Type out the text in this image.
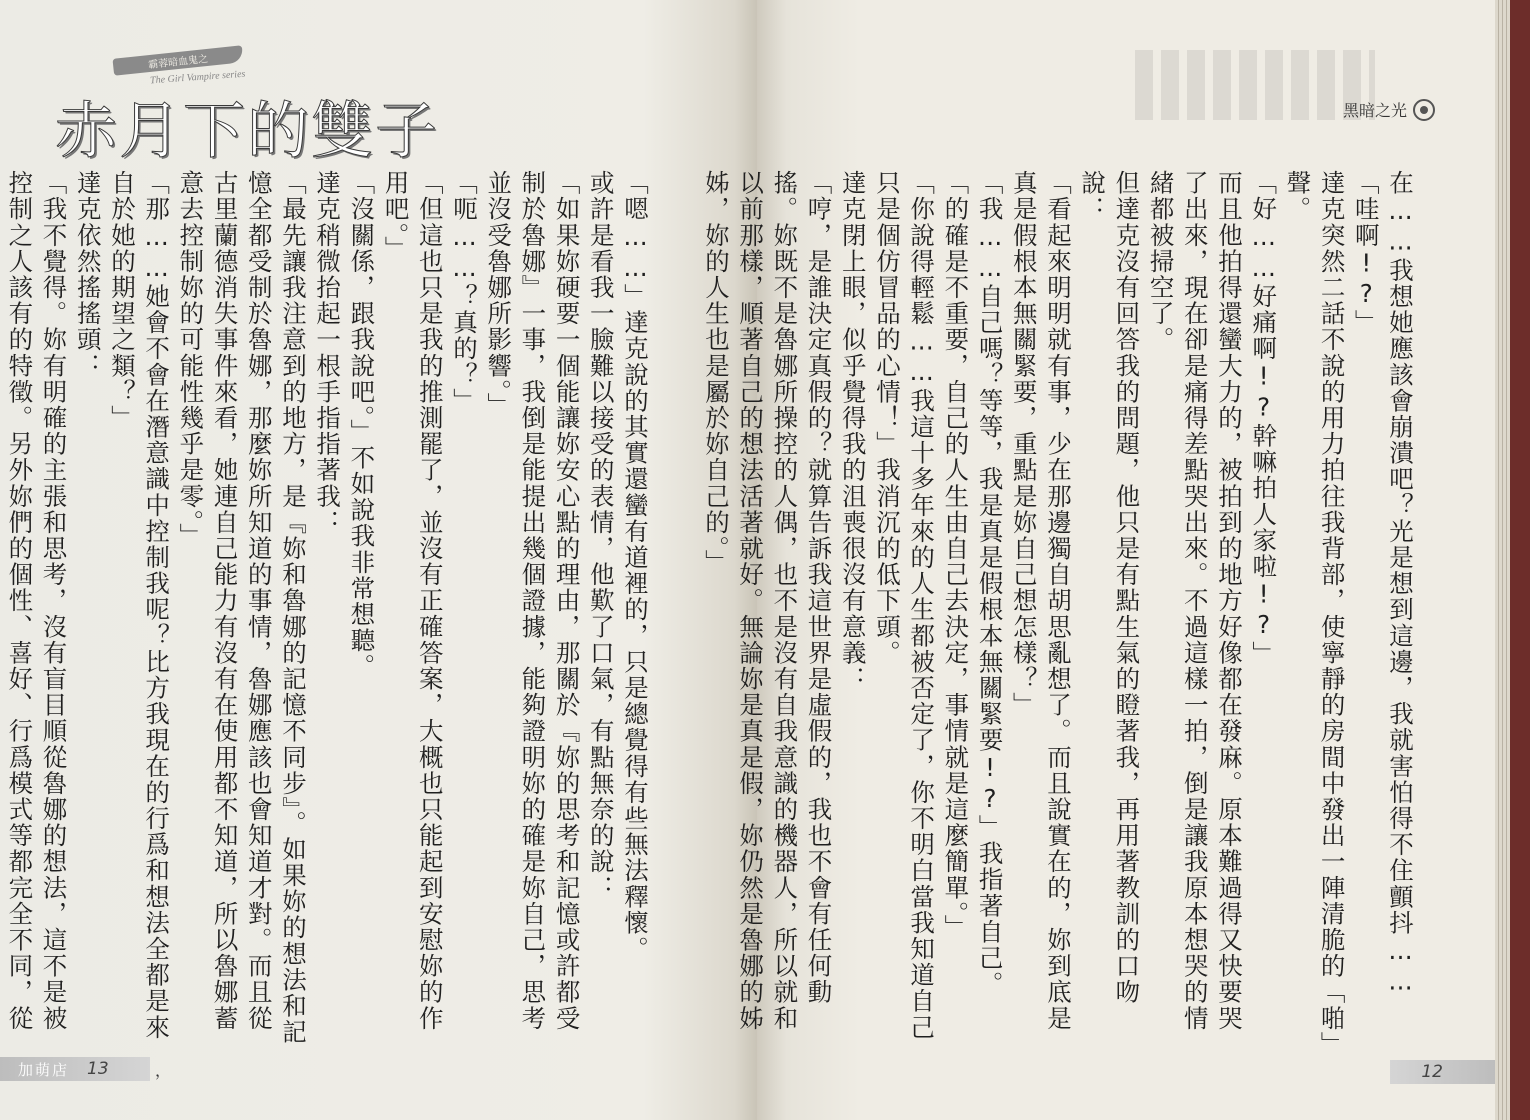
霸蓉暗血鬼之
The Girl Vampire series
赤月下的雙子

「嗯……」達克說的其實還蠻有道裡的，只是總覺得有些無法釋懷。

或許是看我一臉難以接受的表情，他歎了口氣，有點無奈的說：

「如果妳硬要一個能讓妳安心點的理由，那關於『妳的思考和記憶或許都受制於魯娜』一事，我倒是能提出幾個證據，能夠證明妳的確是妳自己，思考並沒受魯娜所影響。」

「呃……？真的？」

「但這也只是我的推測罷了，並沒有正確答案，大概也只能起到安慰妳的作用吧。」

「沒關係，跟我說吧。」不如說我非常想聽。

達克稍微抬起一根手指指著我：

「最先讓我注意到的地方，是『妳和魯娜的記憶不同步』。如果妳的想法和記憶全都受制於魯娜，那麼妳所知道的事情，魯娜應該也會知道才對。而且從古里蘭德消失事件來看，她連自己能力有沒有在使用都不知道，所以魯娜蓄意去控制妳的可能性幾乎是零。」

「那……她會不會在潛意識中控制我呢？比方我現在的行爲和想法全都是來自於她的期望之類？」

達克依然搖搖頭：

「我不覺得。妳有明確的主張和思考，沒有盲目順從魯娜的想法，這不是被控制之人該有的特徵。另外妳們的個性、喜好、行爲模式等都完全不同，從

加萌店 13	，
黑暗之光

在……我想她應該會崩潰吧？光是想到這邊，我就害怕得不住顫抖……

「哇啊!?」

達克突然二話不說的用力拍往我背部，使寧靜的房間中發出一陣清脆的「啪」聲。

「好……好痛啊!?幹嘛拍人家啦!?」

而且他拍得還蠻大力的，被拍到的地方好像都在發麻。原本難過得又快要哭了出來，現在卻是痛得差點哭出來。不過這樣一拍，倒是讓我原本想哭的情緒都被掃空了。

但達克沒有回答我的問題，他只是有點生氣的瞪著我，再用著教訓的口吻說：

「看起來明明就有事，少在那邊獨自胡思亂想了。而且說實在的，妳到底是真是假根本無關緊要，重點是妳自己想怎樣？」

「我……自己嗎？等等，我是真是假根本無關緊要!?」我指著自己。

「的確是不重要，自己的人生由自己去決定，事情就是這麼簡單。」

「你說得輕鬆……我這十多年來的人生都被否定了，你不明白當我知道自己只是個仿冒品的心情！」我消沉的低下頭。

達克閉上眼，似乎覺得我的沮喪很沒有意義：

「哼，是誰決定真假的？就算告訴我這世界是虛假的，我也不會有任何動搖。妳既不是魯娜所操控的人偶，也不是沒有自我意識的機器人，所以就和以前那樣，順著自己的想法活著就好。無論妳是真是假，妳仍然是魯娜的姊姊，妳的人生也是屬於妳自己的。」

12
